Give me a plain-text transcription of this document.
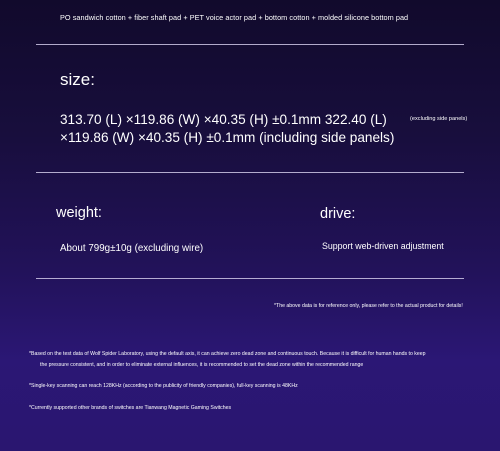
PO sandwich cotton + fiber shaft pad + PET voice actor pad + bottom cotton + molded silicone bottom pad
size:
313.70 (L) ×119.86 (W) ×40.35 (H) ±0.1mm 322.40 (L)	(excluding side panels)
×119.86 (W) ×40.35 (H) ±0.1mm (including side panels)
weight:	drive:
About 799g±10g (excluding wire)	Support web-driven adjustment
*The above data is for reference only, please refer to the actual product for details!
*Based on the test data of Wolf Spider Laboratory, using the default axis, it can achieve zero dead zone and continuous touch. Because it is difficult for human hands to keep
the pressure consistent, and in order to eliminate external influences, it is recommended to set the dead zone within the recommended range
*Single-key scanning can reach 128KHz (according to the publicity of friendly companies), full-key scanning is 48KHz
*Currently supported other brands of switches are Tianwang Magnetic Gaming Switches
